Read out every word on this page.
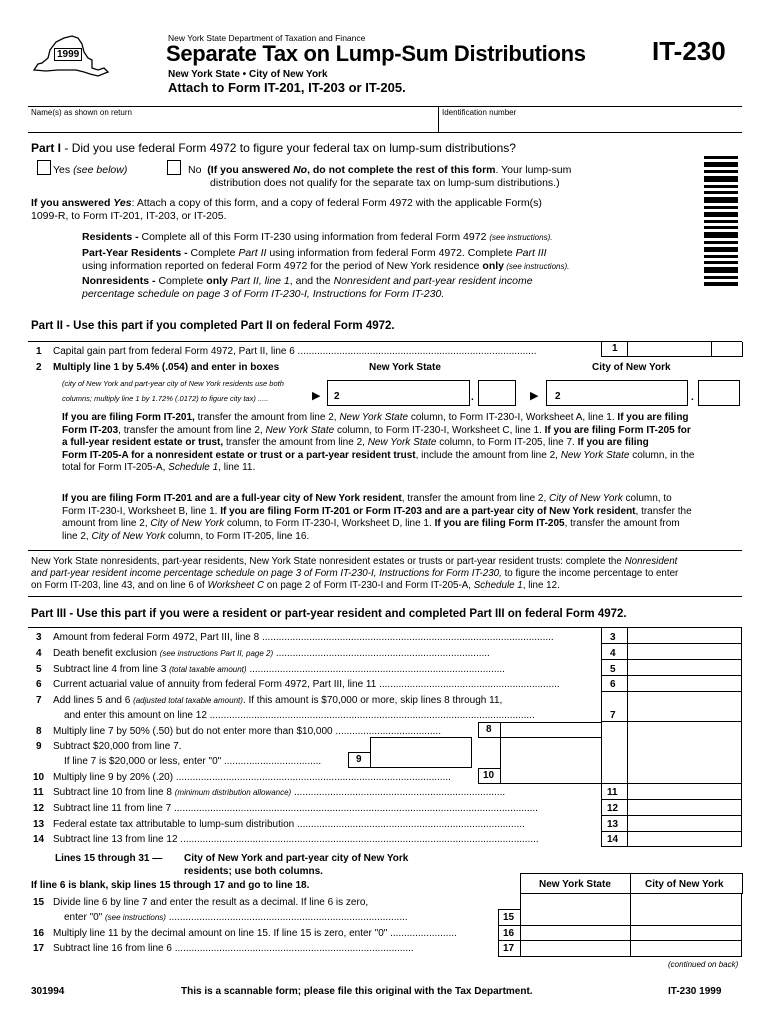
1999
New York State Department of Taxation and Finance
Separate Tax on Lump-Sum Distributions
New York State • City of New York
Attach to Form IT-201, IT-203 or IT-205.
IT-230
Name(s) as shown on return	Identification number
Part I - Did you use federal Form 4972 to figure your federal tax on lump-sum distributions?
Yes (see below)	No (If you answered No, do not complete the rest of this form. Your lump-sum
distribution does not qualify for the separate tax on lump-sum distributions.)
If you answered Yes: Attach a copy of this form, and a copy of federal Form 4972 with the applicable Form(s)
1099-R, to Form IT-201, IT-203, or IT-205.
Residents - Complete all of this Form IT-230 using information from federal Form 4972 (see instructions).
Part-Year Residents - Complete Part II using information from federal Form 4972. Complete Part III
using information reported on federal Form 4972 for the period of New York residence only (see instructions).
Nonresidents - Complete only Part II, line 1, and the Nonresident and part-year resident income
percentage schedule on page 3 of Form IT-230-I, Instructions for Form IT-230.
Part II - Use this part if you completed Part II on federal Form 4972.
1 Capital gain part from federal Form 4972, Part II, line 6 ......................................................................................	1
2 Multiply line 1 by 5.4% (.054) and enter in boxes	New York State	City of New York
(city of New York and part-year city of New York residents use both
columns; multiply line 1 by 1.72% (.0172) to figure city tax) .....	▶ 2	.	▶ 2	.
If you are filing Form IT-201, transfer the amount from line 2, New York State column, to Form IT-230-I, Worksheet A, line 1. If you are filing
Form IT-203, transfer the amount from line 2, New York State column, to Form IT-230-I, Worksheet C, line 1. If you are filing Form IT-205 for
a full-year resident estate or trust, transfer the amount from line 2, New York State column, to Form IT-205, line 7. If you are filing
Form IT-205-A for a nonresident estate or trust or a part-year resident trust, include the amount from line 2, New York State column, in the
total for Form IT-205-A, Schedule 1, line 11.
If you are filing Form IT-201 and are a full-year city of New York resident, transfer the amount from line 2, City of New York column, to
Form IT-230-I, Worksheet B, line 1. If you are filing Form IT-201 or Form IT-203 and are a part-year city of New York resident, transfer the
amount from line 2, City of New York column, to Form IT-230-I, Worksheet D, line 1. If you are filing Form IT-205, transfer the amount from
line 2, City of New York column, to Form IT-205, line 16.
New York State nonresidents, part-year residents, New York State nonresident estates or trusts or part-year resident trusts: complete the Nonresident
and part-year resident income percentage schedule on page 3 of Form IT-230-I, Instructions for Form IT-230, to figure the income percentage to enter
on Form IT-203, line 43, and on line 6 of Worksheet C on page 2 of Form IT-230-I and Form IT-205-A, Schedule 1, line 12.
Part III - Use this part if you were a resident or part-year resident and completed Part III on federal Form 4972.
3 Amount from federal Form 4972, Part III, line 8 .........................................................................................................	3
4 Death benefit exclusion (see instructions Part II, page 2) .............................................................................	4
5 Subtract line 4 from line 3 (total taxable amount) ............................................................................................	5
6 Current actuarial value of annuity from federal Form 4972, Part III, line 11 .................................................................	6
7 Add lines 5 and 6 (adjusted total taxable amount). If this amount is $70,000 or more, skip lines 8 through 11,
and enter this amount on line 12 .....................................................................................................................	7
8 Multiply line 7 by 50% (.50) but do not enter more than $10,000 ......................................	8
9 Subtract $20,000 from line 7.
If line 7 is $20,000 or less, enter "0" ...................................	9
10 Multiply line 9 by 20% (.20) ...................................................................................................	10
11 Subtract line 10 from line 8 (minimum distribution allowance) ............................................................................	11
12 Subtract line 11 from line 7 ...................................................................................................................................	12
13 Federal estate tax attributable to lump-sum distribution ..................................................................................	13
14 Subtract line 13 from line 12 .................................................................................................................................	14
Lines 15 through 31 — City of New York and part-year city of New York
residents; use both columns.
If line 6 is blank, skip lines 15 through 17 and go to line 18.	New York State	City of New York
15 Divide line 6 by line 7 and enter the result as a decimal. If line 6 is zero,
enter "0" (see instructions) ......................................................................................	15
16 Multiply line 11 by the decimal amount on line 15. If line 15 is zero, enter "0" ........................	16
17 Subtract line 16 from line 6 ......................................................................................	17
(continued on back)
301994	This is a scannable form; please file this original with the Tax Department.	IT-230 1999
